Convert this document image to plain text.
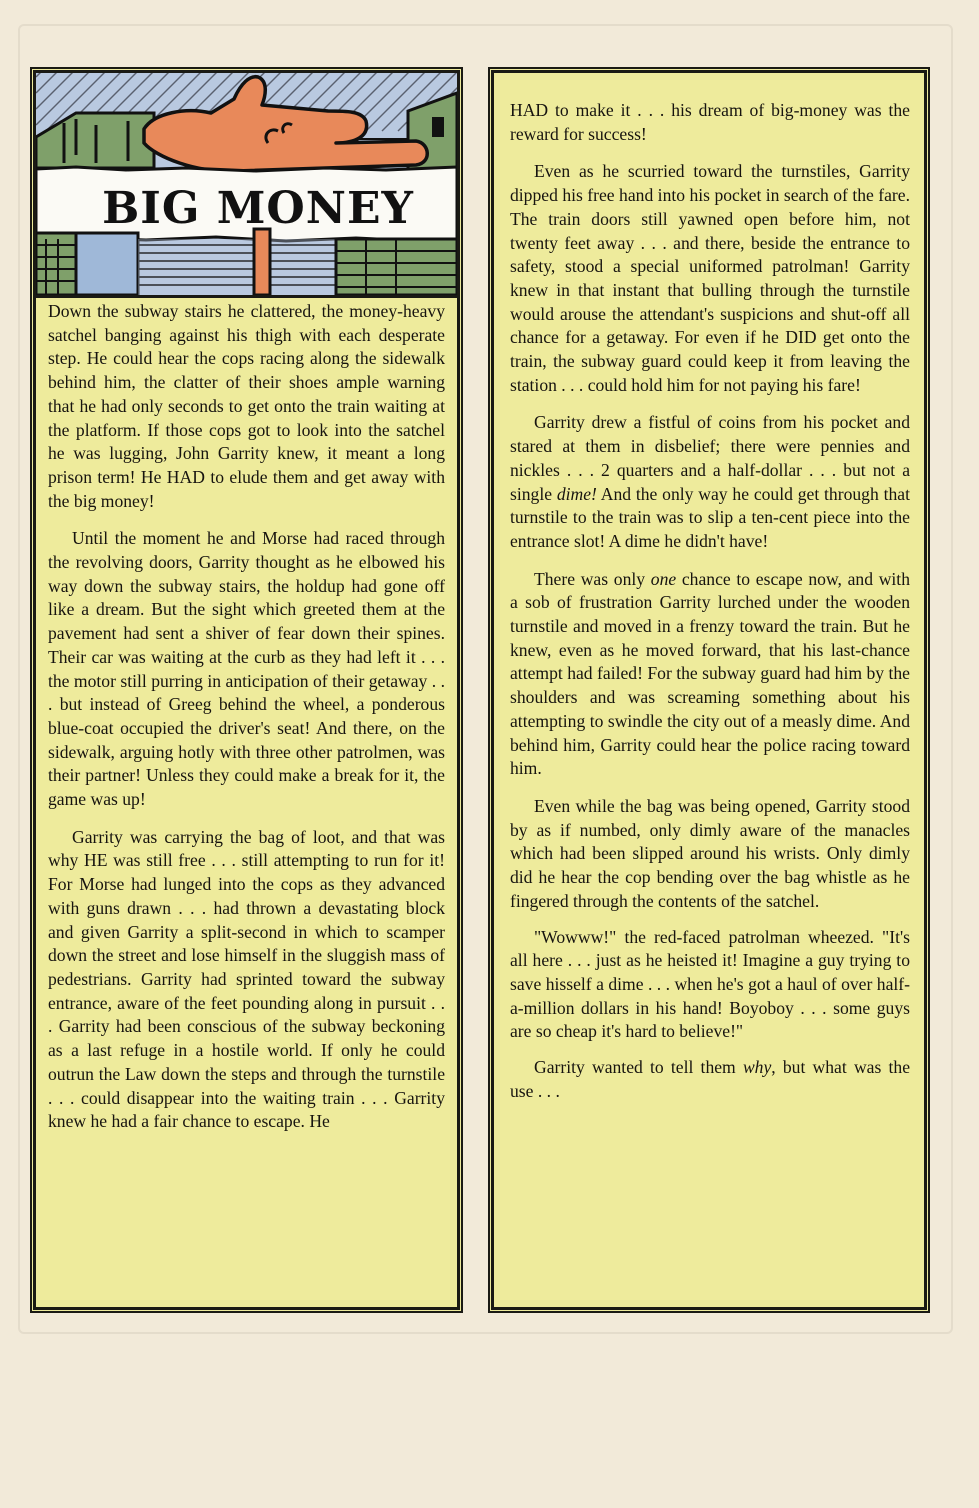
BIG MONEY

Down the subway stairs he clattered, the money-heavy satchel banging against his thigh with each desperate step. He could hear the cops racing along the sidewalk behind him, the clatter of their shoes ample warning that he had only seconds to get onto the train waiting at the platform. If those cops got to look into the satchel he was lugging, John Garrity knew, it meant a long prison term! He HAD to elude them and get away with the big money!

Until the moment he and Morse had raced through the revolving doors, Garrity thought as he elbowed his way down the subway stairs, the holdup had gone off like a dream. But the sight which greeted them at the pavement had sent a shiver of fear down their spines. Their car was waiting at the curb as they had left it . . . the motor still purring in anticipation of their getaway . . . but instead of Greeg behind the wheel, a ponderous blue-coat occupied the driver's seat! And there, on the sidewalk, arguing hotly with three other patrolmen, was their partner! Unless they could make a break for it, the game was up!

Garrity was carrying the bag of loot, and that was why HE was still free . . . still attempting to run for it! For Morse had lunged into the cops as they advanced with guns drawn . . . had thrown a devastating block and given Garrity a split-second in which to scamper down the street and lose himself in the sluggish mass of pedestrians. Garrity had sprinted toward the subway entrance, aware of the feet pounding along in pursuit . . . Garrity had been conscious of the subway beckoning as a last refuge in a hostile world. If only he could outrun the Law down the steps and through the turnstile . . . could disappear into the waiting train . . . Garrity knew he had a fair chance to escape. He

HAD to make it . . . his dream of big-money was the reward for success!

Even as he scurried toward the turnstiles, Garrity dipped his free hand into his pocket in search of the fare. The train doors still yawned open before him, not twenty feet away . . . and there, beside the entrance to safety, stood a special uniformed patrolman! Garrity knew in that instant that bulling through the turnstile would arouse the attendant's suspicions and shut-off all chance for a getaway. For even if he DID get onto the train, the subway guard could keep it from leaving the station . . . could hold him for not paying his fare!

Garrity drew a fistful of coins from his pocket and stared at them in disbelief; there were pennies and nickles . . . 2 quarters and a half-dollar . . . but not a single dime! And the only way he could get through that turnstile to the train was to slip a ten-cent piece into the entrance slot! A dime he didn't have!

There was only one chance to escape now, and with a sob of frustration Garrity lurched under the wooden turnstile and moved in a frenzy toward the train. But he knew, even as he moved forward, that his last-chance attempt had failed! For the subway guard had him by the shoulders and was screaming something about his attempting to swindle the city out of a measly dime. And behind him, Garrity could hear the police racing toward him.

Even while the bag was being opened, Garrity stood by as if numbed, only dimly aware of the manacles which had been slipped around his wrists. Only dimly did he hear the cop bending over the bag whistle as he fingered through the contents of the satchel.

"Wowww!" the red-faced patrolman wheezed. "It's all here . . . just as he heisted it! Imagine a guy trying to save hisself a dime . . . when he's got a haul of over half-a-million dollars in his hand! Boyoboy . . . some guys are so cheap it's hard to believe!"

Garrity wanted to tell them why, but what was the use . . .
